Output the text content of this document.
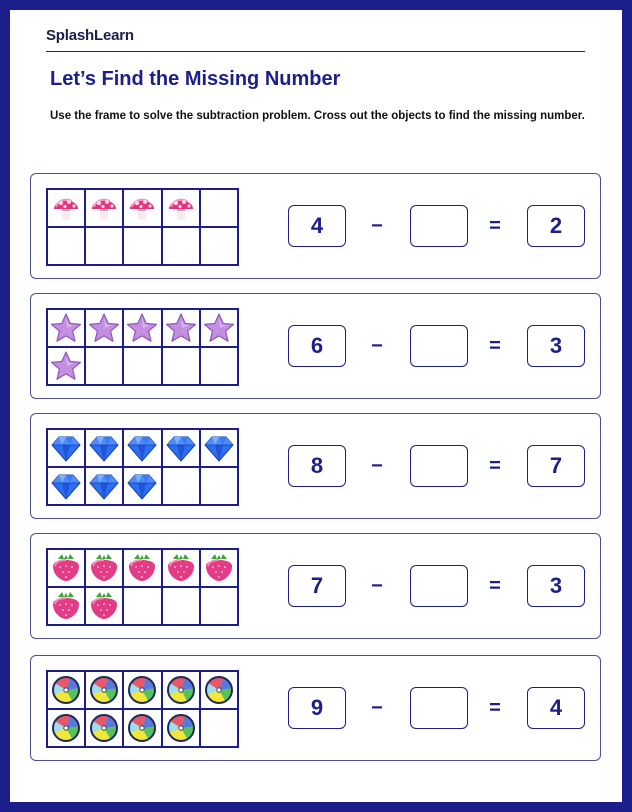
SplashLearn
Let’s Find the Missing Number
Use the frame to solve the subtraction problem. Cross out the objects to find the missing number.
4	−	=	2
6	−	=	3
8	−	=	7
7	−	=	3
9	−	=	4
